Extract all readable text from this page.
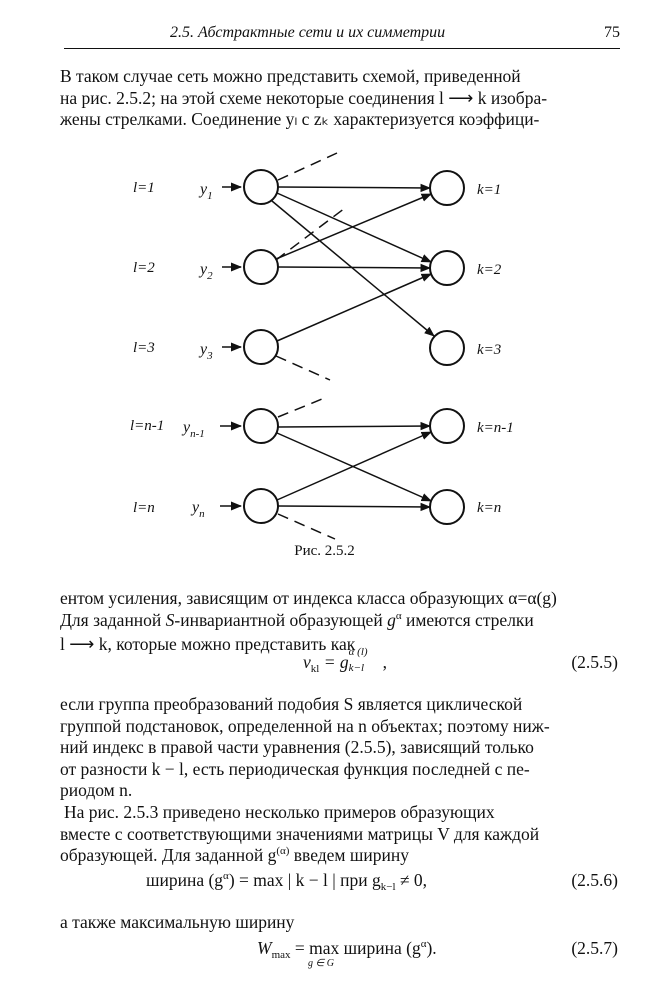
2.5. Абстрактные сети и их симметрии	75

В таком случае сеть можно представить схемой, приведенной

на рис. 2.5.2; на этой схеме некоторые соединения l ⟶ k изобра-

жены стрелками. Соединение yₗ с zₖ характеризуется коэффици-

l=1
l=2
l=3
l=n-1
l=n
$y_1$
$y_2$
$y_3$
$y_{n-1}$
$y_n$
k=1
k=2
k=3
k=n-1
k=n
Рис. 2.5.2

ентом усиления, зависящим от индекса класса образующих α=α(g)

Для заданной S-инвариантной образующей $g^\alpha$ имеются стрелки

l ⟶ k, которые можно представить как

$v_{kl} = g$ α (l)
k−l ,	(2.5.5)

если группа преобразований подобия S является циклической

группой подстановок, определенной на n объектах; поэтому ниж-

ний индекс в правой части уравнения (2.5.5), зависящий только

от разности k − l, есть периодическая функция последней с пе-

риодом n.

На рис. 2.5.3 приведено несколько примеров образующих

вместе с соответствующими значениями матрицы V для каждой

образующей. Для заданной $g^{(\alpha)}$ введем ширину

ширина $(g^\alpha) = \max$ | k − l | при $g_{k-l} \ne 0$,	(2.5.6)

а также максимальную ширину

$W_{max} = \max$ ширина $(g^\alpha)$.
g ∈ G
(2.5.7)
